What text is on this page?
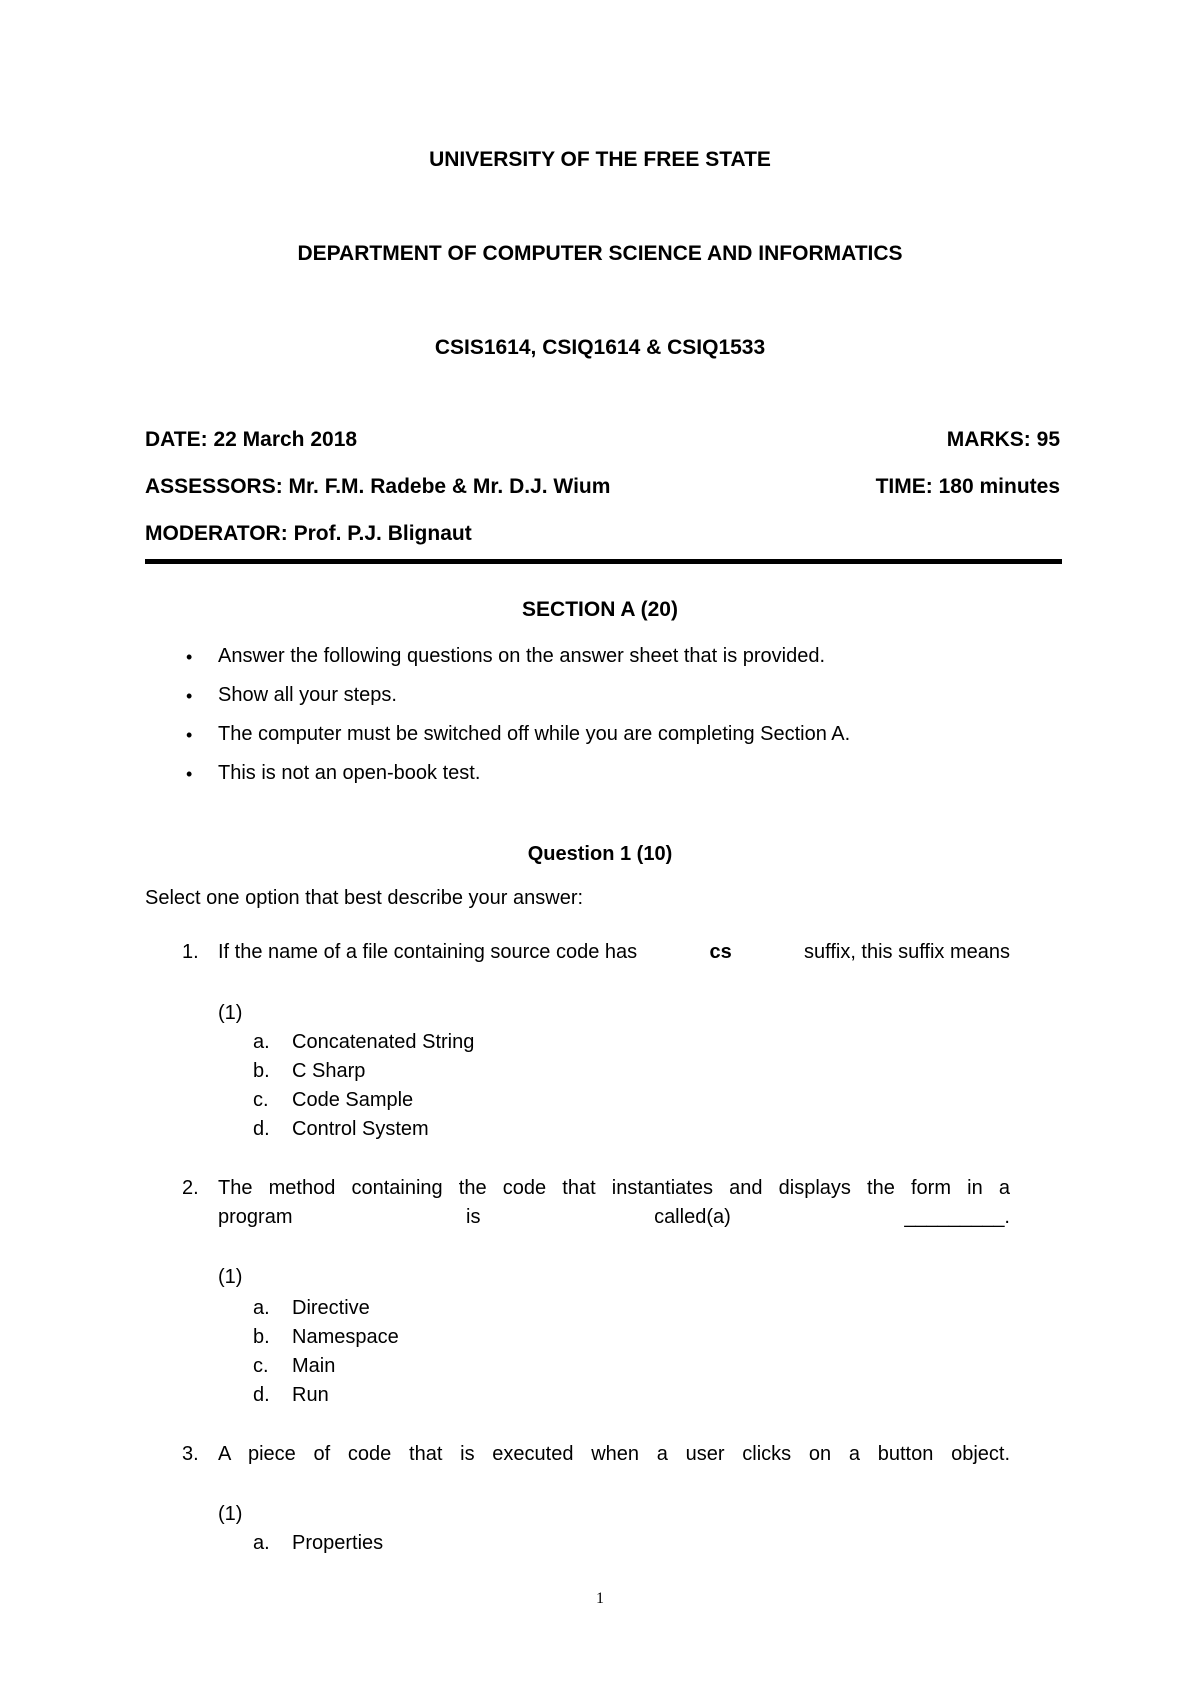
UNIVERSITY OF THE FREE STATE
DEPARTMENT OF COMPUTER SCIENCE AND INFORMATICS
CSIS1614, CSIQ1614 & CSIQ1533
DATE: 22 March 2018	MARKS: 95
ASSESSORS: Mr. F.M. Radebe & Mr. D.J. Wium	TIME: 180 minutes
MODERATOR: Prof. P.J. Blignaut
SECTION A (20)
• Answer the following questions on the answer sheet that is provided.
• Show all your steps.
• The computer must be switched off while you are completing Section A.
• This is not an open-book test.
Question 1 (10)
Select one option that best describe your answer:
1. If the name of a file containing source code has	cs	suffix, this suffix means
(1)
a. Concatenated String
b. C Sharp
c. Code Sample
d. Control System
2. The method containing the code that instantiates and displays the form in a
program	is	called(a)	_________.
(1)
a. Directive
b. Namespace
c. Main
d. Run
3. A piece of code that is executed when a user clicks on a button object.
(1)
a. Properties
1
